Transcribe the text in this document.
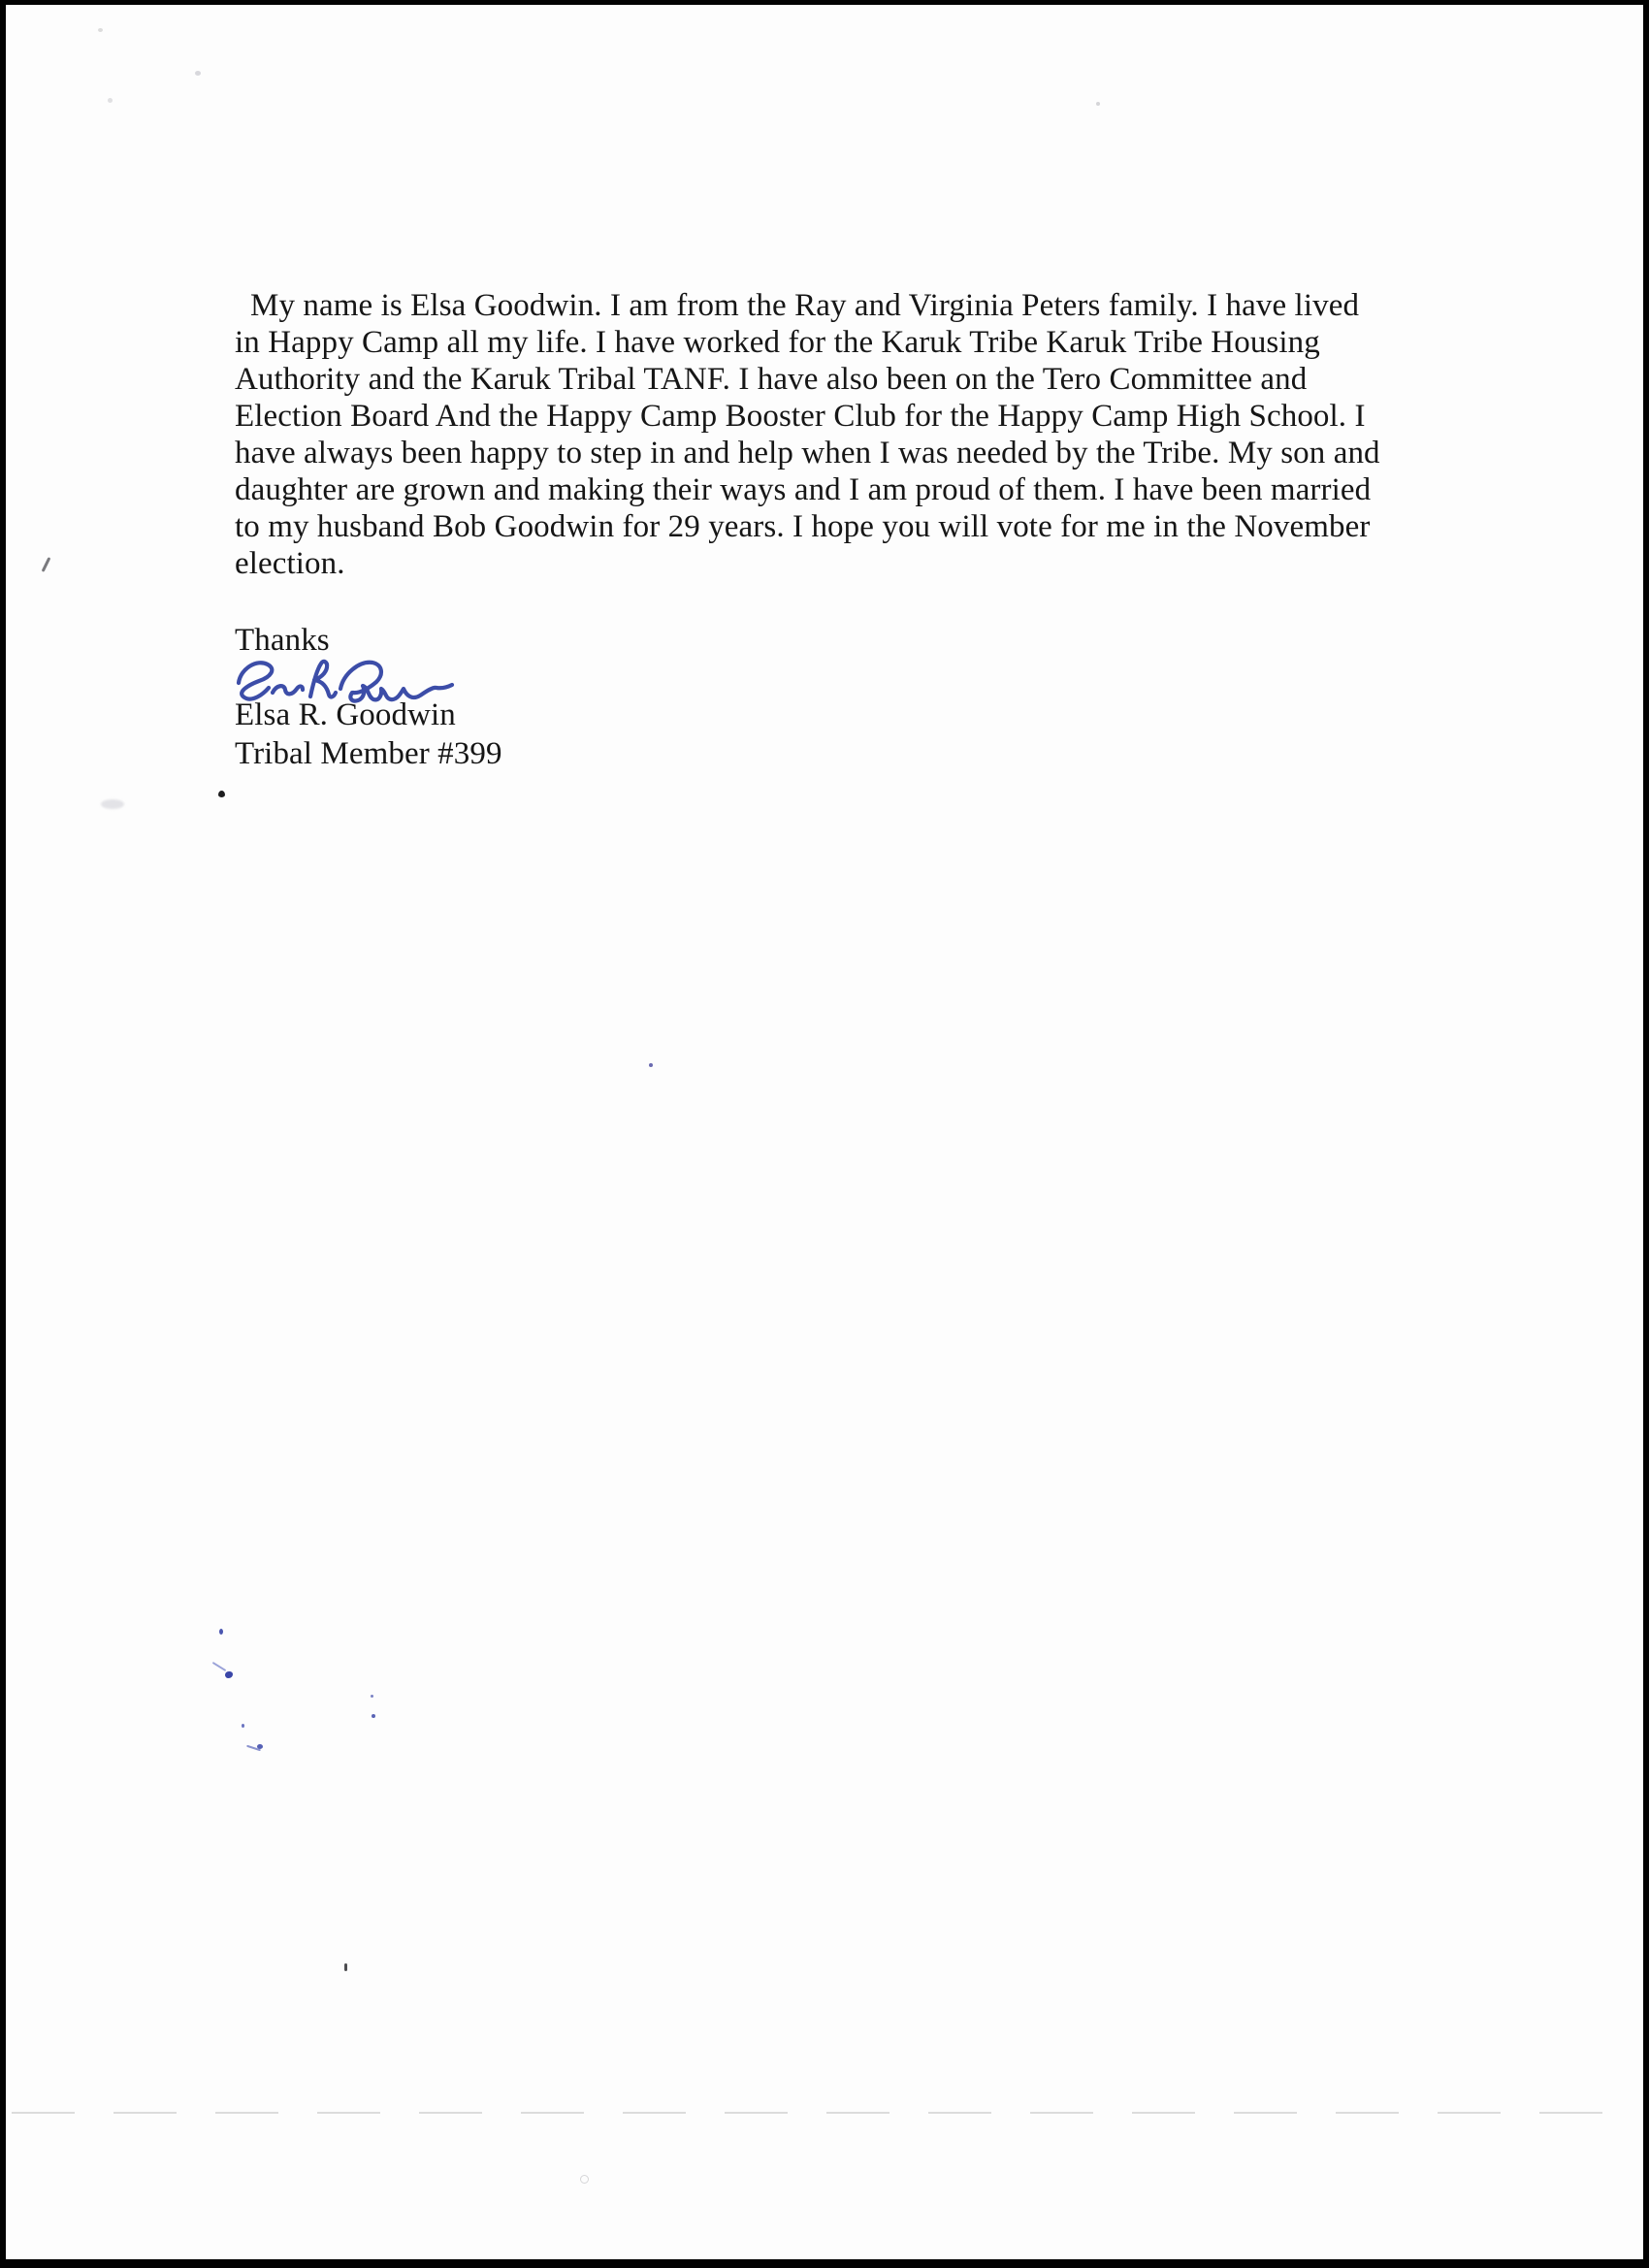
My name is Elsa Goodwin. I am from the Ray and Virginia Peters family. I have lived

in Happy Camp all my life. I have worked for the Karuk Tribe Karuk Tribe Housing

Authority and the Karuk Tribal TANF. I have also been on the Tero Committee and

Election Board And the Happy Camp Booster Club for the Happy Camp High School. I

have always been happy to step in and help when I was needed by the Tribe. My son and

daughter are grown and making their ways and I am proud of them. I have been married

to my husband Bob Goodwin for 29 years. I hope you will vote for me in the November

election.

Thanks
Elsa R. Goodwin
Tribal Member #399
